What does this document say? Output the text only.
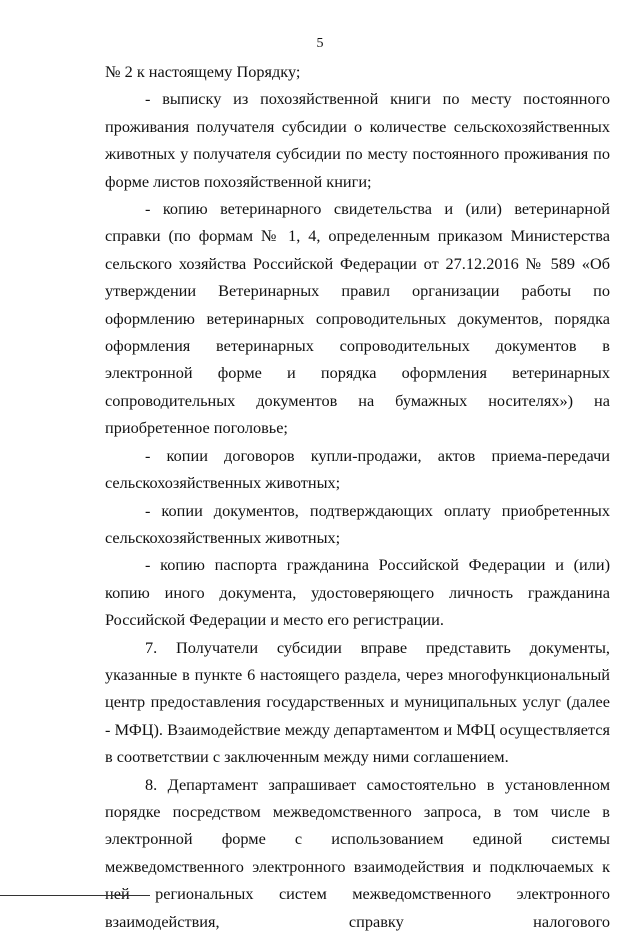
5

№ 2 к настоящему Порядку;

- выписку из похозяйственной книги по месту постоянного проживания получателя субсидии о количестве сельскохозяйственных животных у получателя субсидии по месту постоянного проживания по форме листов похозяйственной книги;

- копию ветеринарного свидетельства и (или) ветеринарной справки (по формам № 1, 4, определенным приказом Министерства сельского хозяйства Российской Федерации от 27.12.2016 № 589 «Об утверждении Ветеринарных правил организации работы по оформлению ветеринарных сопроводительных документов, порядка оформления ветеринарных сопроводительных документов в электронной форме и порядка оформления ветеринарных сопроводительных документов на бумажных носителях») на приобретенное поголовье;

- копии договоров купли-продажи, актов приема-передачи сельскохозяйственных животных;

- копии документов, подтверждающих оплату приобретенных сельскохозяйственных животных;

- копию паспорта гражданина Российской Федерации и (или) копию иного документа, удостоверяющего личность гражданина Российской Федерации и место его регистрации.

7. Получатели субсидии вправе представить документы, указанные в пункте 6 настоящего раздела, через многофункциональный центр предоставления государственных и муниципальных услуг (далее - МФЦ). Взаимодействие между департаментом и МФЦ осуществляется в соответствии с заключенным между ними соглашением.

8. Департамент запрашивает самостоятельно в установленном порядке посредством межведомственного запроса, в том числе в электронной форме с использованием единой системы межведомственного электронного взаимодействия и подключаемых к ней региональных систем межведомственного электронного взаимодействия, справку налогового
